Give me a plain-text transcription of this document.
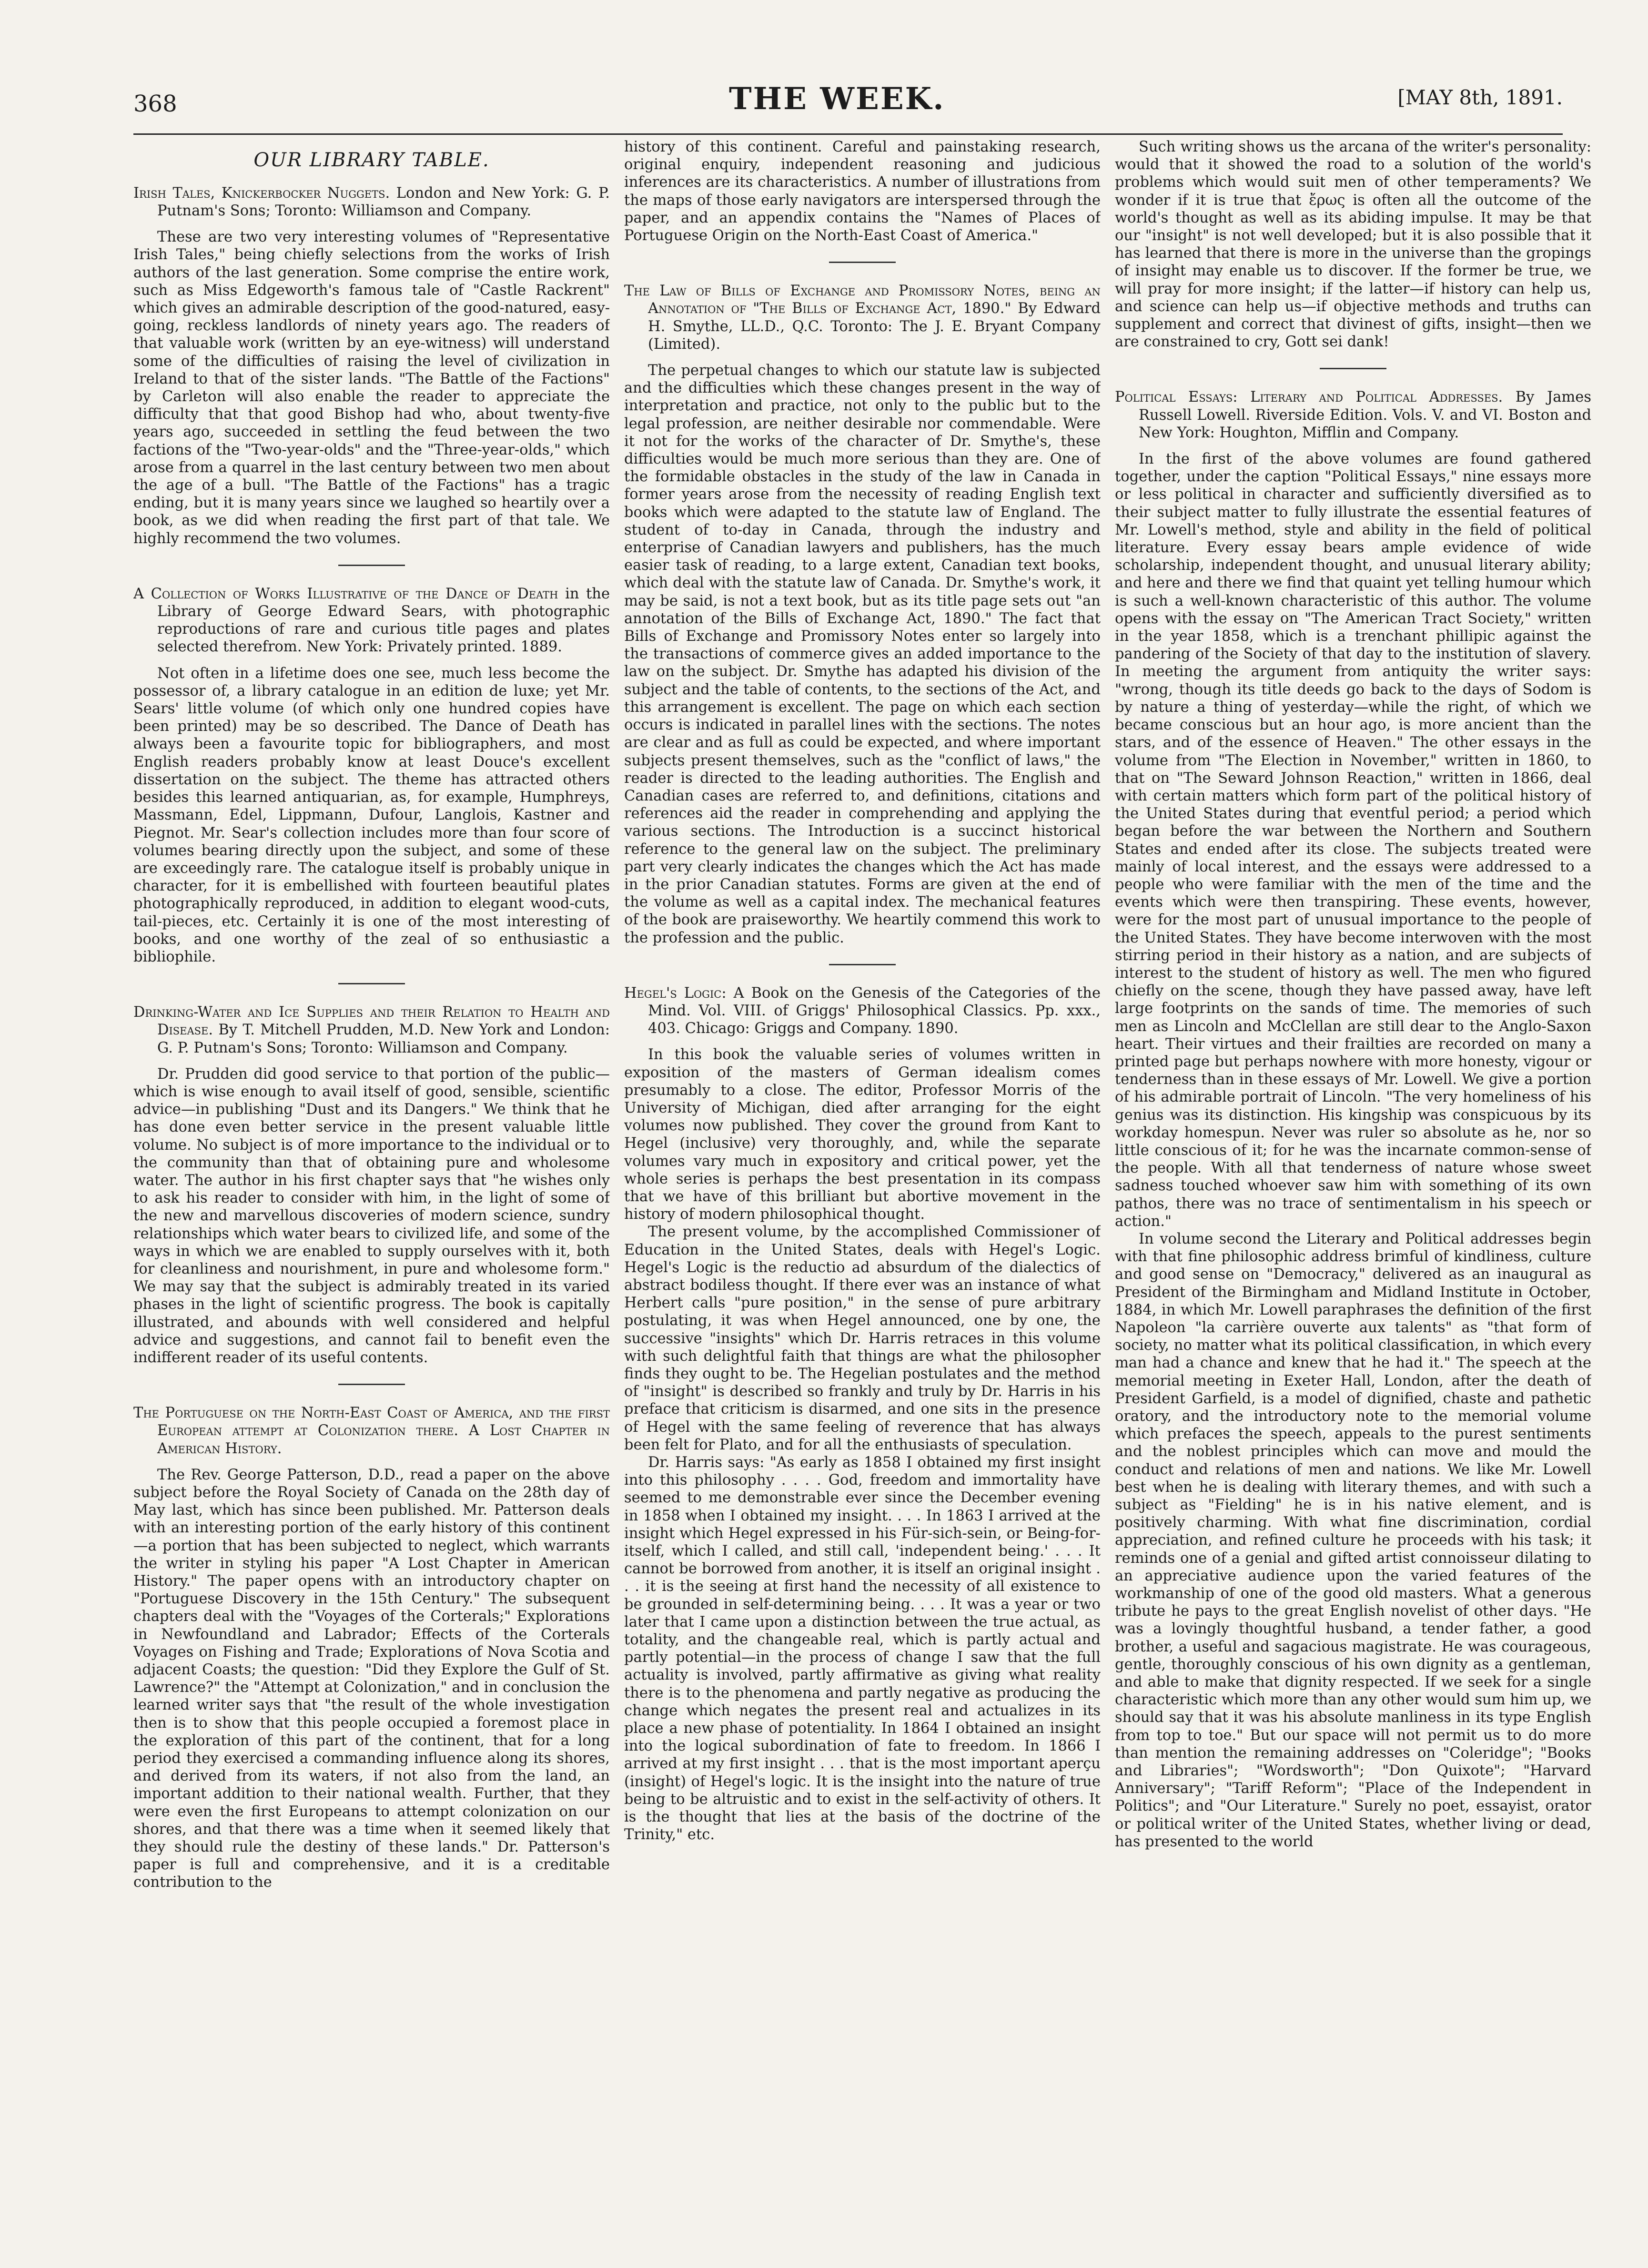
368	THE WEEK.	[MAY 8th, 1891.
OUR LIBRARY TABLE.

Irish Tales, Knickerbocker Nuggets. London and New York: G. P. Putnam's Sons; Toronto: Williamson and Company.

These are two very interesting volumes of "Representative Irish Tales," being chiefly selections from the works of Irish authors of the last generation. Some comprise the entire work, such as Miss Edgeworth's famous tale of "Castle Rackrent" which gives an admirable description of the good-natured, easy-going, reckless landlords of ninety years ago. The readers of that valuable work (written by an eye-witness) will understand some of the difficulties of raising the level of civilization in Ireland to that of the sister lands. "The Battle of the Factions" by Carleton will also enable the reader to appreciate the difficulty that that good Bishop had who, about twenty-five years ago, succeeded in settling the feud between the two factions of the "Two-year-olds" and the "Three-year-olds," which arose from a quarrel in the last century between two men about the age of a bull. "The Battle of the Factions" has a tragic ending, but it is many years since we laughed so heartily over a book, as we did when reading the first part of that tale. We highly recommend the two volumes.

A Collection of Works Illustrative of the Dance of Death in the Library of George Edward Sears, with photographic reproductions of rare and curious title pages and plates selected therefrom. New York: Privately printed. 1889.

Not often in a lifetime does one see, much less become the possessor of, a library catalogue in an edition de luxe; yet Mr. Sears' little volume (of which only one hundred copies have been printed) may be so described. The Dance of Death has always been a favourite topic for bibliographers, and most English readers probably know at least Douce's excellent dissertation on the subject. The theme has attracted others besides this learned antiquarian, as, for example, Humphreys, Massmann, Edel, Lippmann, Dufour, Langlois, Kastner and Piegnot. Mr. Sear's collection includes more than four score of volumes bearing directly upon the subject, and some of these are exceedingly rare. The catalogue itself is probably unique in character, for it is embellished with fourteen beautiful plates photographically reproduced, in addition to elegant wood-cuts, tail-pieces, etc. Certainly it is one of the most interesting of books, and one worthy of the zeal of so enthusiastic a bibliophile.

Drinking-Water and Ice Supplies and their Relation to Health and Disease. By T. Mitchell Prudden, M.D. New York and London: G. P. Putnam's Sons; Toronto: Williamson and Company.

Dr. Prudden did good service to that portion of the public—which is wise enough to avail itself of good, sensible, scientific advice—in publishing "Dust and its Dangers." We think that he has done even better service in the present valuable little volume. No subject is of more importance to the individual or to the community than that of obtaining pure and wholesome water. The author in his first chapter says that "he wishes only to ask his reader to consider with him, in the light of some of the new and marvellous discoveries of modern science, sundry relationships which water bears to civilized life, and some of the ways in which we are enabled to supply ourselves with it, both for cleanliness and nourishment, in pure and wholesome form." We may say that the subject is admirably treated in its varied phases in the light of scientific progress. The book is capitally illustrated, and abounds with well considered and helpful advice and suggestions, and cannot fail to benefit even the indifferent reader of its useful contents.

The Portuguese on the North-East Coast of America, and the first European attempt at Colonization there. A Lost Chapter in American History.

The Rev. George Patterson, D.D., read a paper on the above subject before the Royal Society of Canada on the 28th day of May last, which has since been published. Mr. Patterson deals with an interesting portion of the early history of this continent—a portion that has been subjected to neglect, which warrants the writer in styling his paper "A Lost Chapter in American History." The paper opens with an introductory chapter on "Portuguese Discovery in the 15th Century." The subsequent chapters deal with the "Voyages of the Corterals;" Explorations in Newfoundland and Labrador; Effects of the Corterals Voyages on Fishing and Trade; Explorations of Nova Scotia and adjacent Coasts; the question: "Did they Explore the Gulf of St. Lawrence?" the "Attempt at Colonization," and in conclusion the learned writer says that "the result of the whole investigation then is to show that this people occupied a foremost place in the exploration of this part of the continent, that for a long period they exercised a commanding influence along its shores, and derived from its waters, if not also from the land, an important addition to their national wealth. Further, that they were even the first Europeans to attempt colonization on our shores, and that there was a time when it seemed likely that they should rule the destiny of these lands." Dr. Patterson's paper is full and comprehensive, and it is a creditable contribution to the

history of this continent. Careful and painstaking research, original enquiry, independent reasoning and judicious inferences are its characteristics. A number of illustrations from the maps of those early navigators are interspersed through the paper, and an appendix contains the "Names of Places of Portuguese Origin on the North-East Coast of America."

The Law of Bills of Exchange and Promissory Notes, being an Annotation of "The Bills of Exchange Act, 1890." By Edward H. Smythe, LL.D., Q.C. Toronto: The J. E. Bryant Company (Limited).

The perpetual changes to which our statute law is subjected and the difficulties which these changes present in the way of interpretation and practice, not only to the public but to the legal profession, are neither desirable nor commendable. Were it not for the works of the character of Dr. Smythe's, these difficulties would be much more serious than they are. One of the formidable obstacles in the study of the law in Canada in former years arose from the necessity of reading English text books which were adapted to the statute law of England. The student of to-day in Canada, through the industry and enterprise of Canadian lawyers and publishers, has the much easier task of reading, to a large extent, Canadian text books, which deal with the statute law of Canada. Dr. Smythe's work, it may be said, is not a text book, but as its title page sets out "an annotation of the Bills of Exchange Act, 1890." The fact that Bills of Exchange and Promissory Notes enter so largely into the transactions of commerce gives an added importance to the law on the subject. Dr. Smythe has adapted his division of the subject and the table of contents, to the sections of the Act, and this arrangement is excellent. The page on which each section occurs is indicated in parallel lines with the sections. The notes are clear and as full as could be expected, and where important subjects present themselves, such as the "conflict of laws," the reader is directed to the leading authorities. The English and Canadian cases are referred to, and definitions, citations and references aid the reader in comprehending and applying the various sections. The Introduction is a succinct historical reference to the general law on the subject. The preliminary part very clearly indicates the changes which the Act has made in the prior Canadian statutes. Forms are given at the end of the volume as well as a capital index. The mechanical features of the book are praiseworthy. We heartily commend this work to the profession and the public.

Hegel's Logic: A Book on the Genesis of the Categories of the Mind. Vol. VIII. of Griggs' Philosophical Classics. Pp. xxx., 403. Chicago: Griggs and Company. 1890.

In this book the valuable series of volumes written in exposition of the masters of German idealism comes presumably to a close. The editor, Professor Morris of the University of Michigan, died after arranging for the eight volumes now published. They cover the ground from Kant to Hegel (inclusive) very thoroughly, and, while the separate volumes vary much in expository and critical power, yet the whole series is perhaps the best presentation in its compass that we have of this brilliant but abortive movement in the history of modern philosophical thought.

The present volume, by the accomplished Commissioner of Education in the United States, deals with Hegel's Logic. Hegel's Logic is the reductio ad absurdum of the dialectics of abstract bodiless thought. If there ever was an instance of what Herbert calls "pure position," in the sense of pure arbitrary postulating, it was when Hegel announced, one by one, the successive "insights" which Dr. Harris retraces in this volume with such delightful faith that things are what the philosopher finds they ought to be. The Hegelian postulates and the method of "insight" is described so frankly and truly by Dr. Harris in his preface that criticism is disarmed, and one sits in the presence of Hegel with the same feeling of reverence that has always been felt for Plato, and for all the enthusiasts of speculation.

Dr. Harris says: "As early as 1858 I obtained my first insight into this philosophy . . . . God, freedom and immortality have seemed to me demonstrable ever since the December evening in 1858 when I obtained my insight. . . . In 1863 I arrived at the insight which Hegel expressed in his Für-sich-sein, or Being-for-itself, which I called, and still call, 'independent being.' . . . It cannot be borrowed from another, it is itself an original insight . . . it is the seeing at first hand the necessity of all existence to be grounded in self-determining being. . . . It was a year or two later that I came upon a distinction between the true actual, as totality, and the changeable real, which is partly actual and partly potential—in the process of change I saw that the full actuality is involved, partly affirmative as giving what reality there is to the phenomena and partly negative as producing the change which negates the present real and actualizes in its place a new phase of potentiality. In 1864 I obtained an insight into the logical subordination of fate to freedom. In 1866 I arrived at my first insight . . . that is the most important aperçu (insight) of Hegel's logic. It is the insight into the nature of true being to be altruistic and to exist in the self-activity of others. It is the thought that lies at the basis of the doctrine of the Trinity," etc.

Such writing shows us the arcana of the writer's personality: would that it showed the road to a solution of the world's problems which would suit men of other temperaments? We wonder if it is true that ἔρως is often all the outcome of the world's thought as well as its abiding impulse. It may be that our "insight" is not well developed; but it is also possible that it has learned that there is more in the universe than the gropings of insight may enable us to discover. If the former be true, we will pray for more insight; if the latter—if history can help us, and science can help us—if objective methods and truths can supplement and correct that divinest of gifts, insight—then we are constrained to cry, Gott sei dank!

Political Essays: Literary and Political Addresses. By James Russell Lowell. Riverside Edition. Vols. V. and VI. Boston and New York: Houghton, Mifflin and Company.

In the first of the above volumes are found gathered together, under the caption "Political Essays," nine essays more or less political in character and sufficiently diversified as to their subject matter to fully illustrate the essential features of Mr. Lowell's method, style and ability in the field of political literature. Every essay bears ample evidence of wide scholarship, independent thought, and unusual literary ability; and here and there we find that quaint yet telling humour which is such a well-known characteristic of this author. The volume opens with the essay on "The American Tract Society," written in the year 1858, which is a trenchant phillipic against the pandering of the Society of that day to the institution of slavery. In meeting the argument from antiquity the writer says: "wrong, though its title deeds go back to the days of Sodom is by nature a thing of yesterday—while the right, of which we became conscious but an hour ago, is more ancient than the stars, and of the essence of Heaven." The other essays in the volume from "The Election in November," written in 1860, to that on "The Seward Johnson Reaction," written in 1866, deal with certain matters which form part of the political history of the United States during that eventful period; a period which began before the war between the Northern and Southern States and ended after its close. The subjects treated were mainly of local interest, and the essays were addressed to a people who were familiar with the men of the time and the events which were then transpiring. These events, however, were for the most part of unusual importance to the people of the United States. They have become interwoven with the most stirring period in their history as a nation, and are subjects of interest to the student of history as well. The men who figured chiefly on the scene, though they have passed away, have left large footprints on the sands of time. The memories of such men as Lincoln and McClellan are still dear to the Anglo-Saxon heart. Their virtues and their frailties are recorded on many a printed page but perhaps nowhere with more honesty, vigour or tenderness than in these essays of Mr. Lowell. We give a portion of his admirable portrait of Lincoln. "The very homeliness of his genius was its distinction. His kingship was conspicuous by its workday homespun. Never was ruler so absolute as he, nor so little conscious of it; for he was the incarnate common-sense of the people. With all that tenderness of nature whose sweet sadness touched whoever saw him with something of its own pathos, there was no trace of sentimentalism in his speech or action."

In volume second the Literary and Political addresses begin with that fine philosophic address brimful of kindliness, culture and good sense on "Democracy," delivered as an inaugural as President of the Birmingham and Midland Institute in October, 1884, in which Mr. Lowell paraphrases the definition of the first Napoleon "la carrière ouverte aux talents" as "that form of society, no matter what its political classification, in which every man had a chance and knew that he had it." The speech at the memorial meeting in Exeter Hall, London, after the death of President Garfield, is a model of dignified, chaste and pathetic oratory, and the introductory note to the memorial volume which prefaces the speech, appeals to the purest sentiments and the noblest principles which can move and mould the conduct and relations of men and nations. We like Mr. Lowell best when he is dealing with literary themes, and with such a subject as "Fielding" he is in his native element, and is positively charming. With what fine discrimination, cordial appreciation, and refined culture he proceeds with his task; it reminds one of a genial and gifted artist connoisseur dilating to an appreciative audience upon the varied features of the workmanship of one of the good old masters. What a generous tribute he pays to the great English novelist of other days. "He was a lovingly thoughtful husband, a tender father, a good brother, a useful and sagacious magistrate. He was courageous, gentle, thoroughly conscious of his own dignity as a gentleman, and able to make that dignity respected. If we seek for a single characteristic which more than any other would sum him up, we should say that it was his absolute manliness in its type English from top to toe." But our space will not permit us to do more than mention the remaining addresses on "Coleridge"; "Books and Libraries"; "Wordsworth"; "Don Quixote"; "Harvard Anniversary"; "Tariff Reform"; "Place of the Independent in Politics"; and "Our Literature." Surely no poet, essayist, orator or political writer of the United States, whether living or dead, has presented to the world
